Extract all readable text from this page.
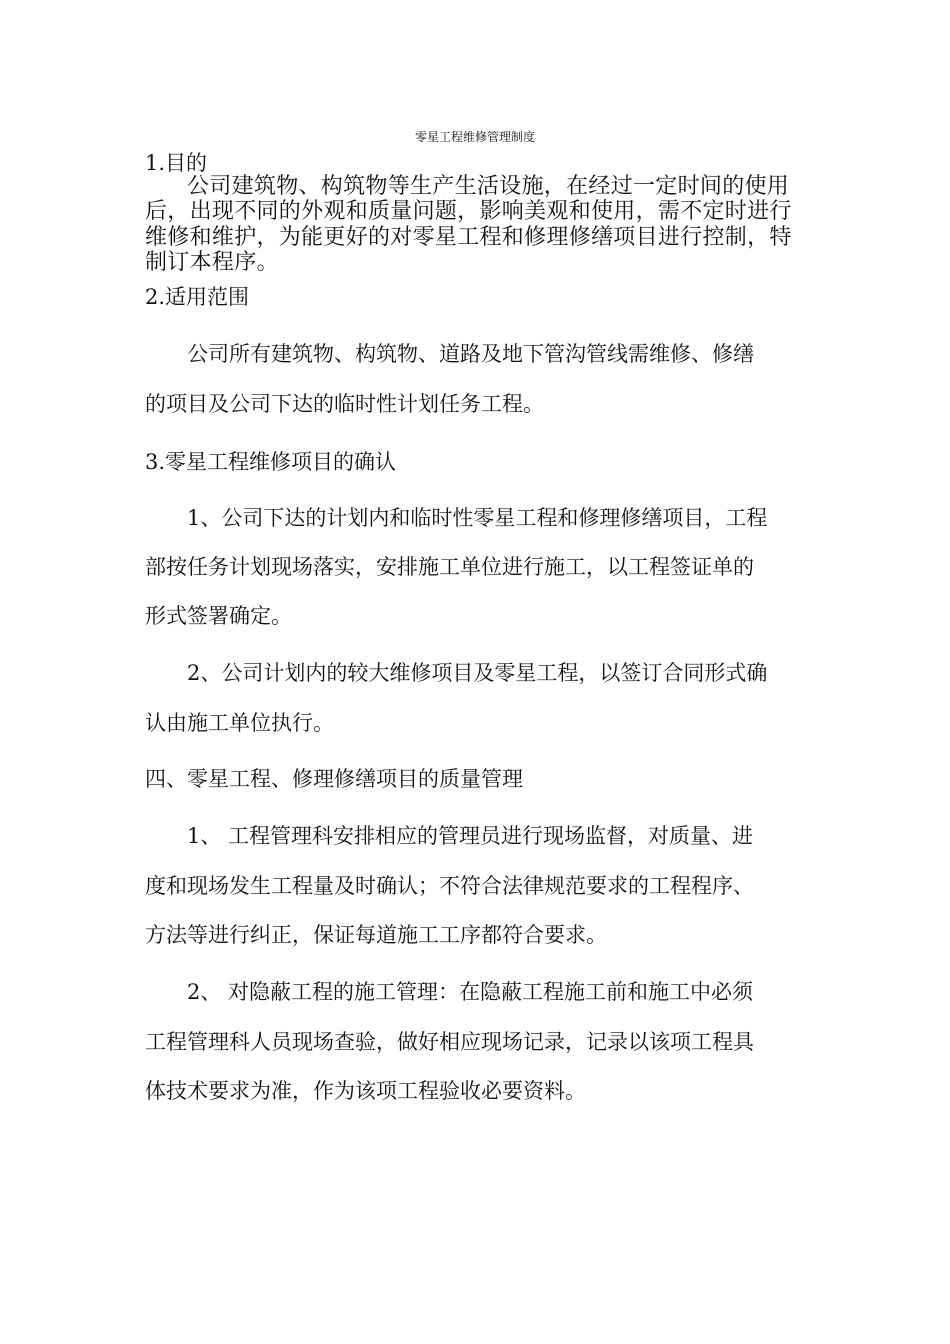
零星工程维修管理制度
1.目的
公司建筑物、构筑物等生产生活设施，在经过一定时间的使用
后，出现不同的外观和质量问题，影响美观和使用，需不定时进行
维修和维护，为能更好的对零星工程和修理修缮项目进行控制，特
制订本程序。
2.适用范围
公司所有建筑物、构筑物、道路及地下管沟管线需维修、修缮
的项目及公司下达的临时性计划任务工程。
3.零星工程维修项目的确认
1、公司下达的计划内和临时性零星工程和修理修缮项目，工程
部按任务计划现场落实，安排施工单位进行施工，以工程签证单的
形式签署确定。
2、公司计划内的较大维修项目及零星工程，以签订合同形式确
认由施工单位执行。
四、零星工程、修理修缮项目的质量管理
1、 工程管理科安排相应的管理员进行现场监督，对质量、进
度和现场发生工程量及时确认；不符合法律规范要求的工程程序、
方法等进行纠正，保证每道施工工序都符合要求。
2、 对隐蔽工程的施工管理：在隐蔽工程施工前和施工中必须
工程管理科人员现场查验，做好相应现场记录，记录以该项工程具
体技术要求为准，作为该项工程验收必要资料。
